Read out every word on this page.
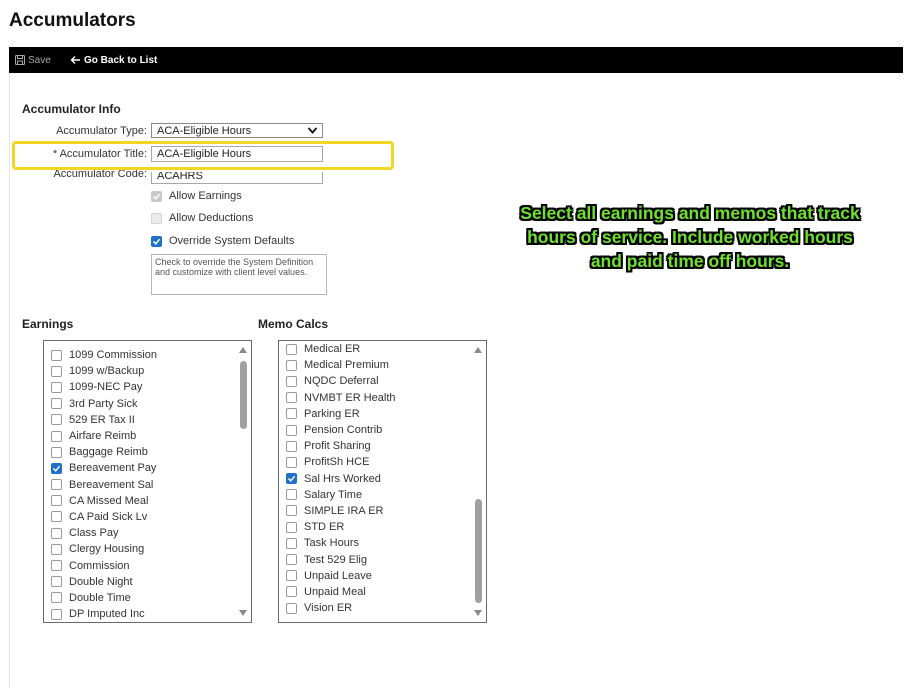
Accumulators
Save	Go Back to List
Accumulator Info
Accumulator Type: ACA-Eligible Hours
* Accumulator Title:
ACA-Eligible Hours
Accumulator Code: ACAHRS
Allow Earnings
Allow Deductions
Override System Defaults
Check to override the System Definition and customize with client level values.
Select all earnings and memos that track hours of service. Include worked hours and paid time off hours.
Earnings	Memo Calcs
1099 Commission
1099 w/Backup
1099-NEC Pay
3rd Party Sick
529 ER Tax II
Airfare Reimb
Baggage Reimb
Bereavement Pay
Bereavement Sal
CA Missed Meal
CA Paid Sick Lv
Class Pay
Clergy Housing
Commission
Double Night
Double Time
DP Imputed Inc
Medical ER
Medical Premium
NQDC Deferral
NVMBT ER Health
Parking ER
Pension Contrib
Profit Sharing
ProfitSh HCE
Sal Hrs Worked
Salary Time
SIMPLE IRA ER
STD ER
Task Hours
Test 529 Elig
Unpaid Leave
Unpaid Meal
Vision ER
